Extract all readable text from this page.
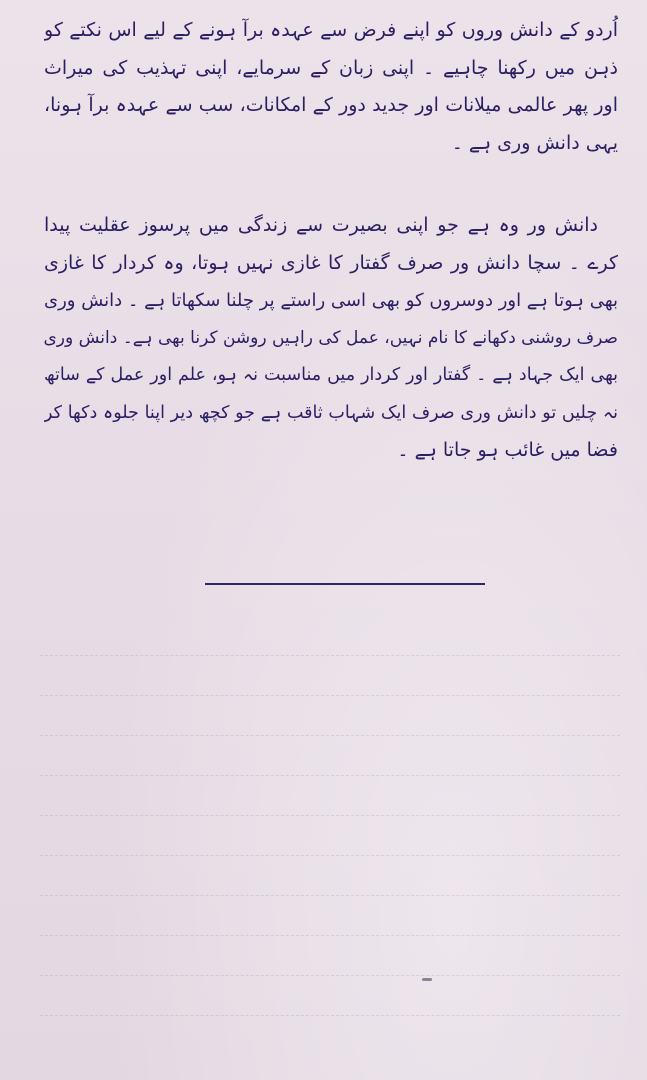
اُردو کے دانش وروں کو اپنے فرض سے عہدہ برآ ہونے کے لیے اس نکتے کو
ذہن میں رکھنا چاہیے ۔ اپنی زبان کے سرمایے، اپنی تہذیب کی میراث
اور پھر عالمی میلانات اور جدید دور کے امکانات، سب سے عہدہ برآ ہونا،
یہی دانش وری ہے ۔
دانش ور وہ ہے جو اپنی بصیرت سے زندگی میں پرسوز عقلیت پیدا
کرے ۔ سچا دانش ور صرف گفتار کا غازی نہیں ہوتا، وہ کردار کا غازی
بھی ہوتا ہے اور دوسروں کو بھی اسی راستے پر چلنا سکھاتا ہے ۔ دانش وری
صرف روشنی دکھانے کا نام نہیں، عمل کی راہیں روشن کرنا بھی ہے۔ دانش وری
بھی ایک جہاد ہے ۔ گفتار اور کردار میں مناسبت نہ ہو، علم اور عمل کے ساتھ
نہ چلیں تو دانش وری صرف ایک شہاب ثاقب ہے جو کچھ دیر اپنا جلوہ دکھا کر
فضا میں غائب ہو جاتا ہے ۔
